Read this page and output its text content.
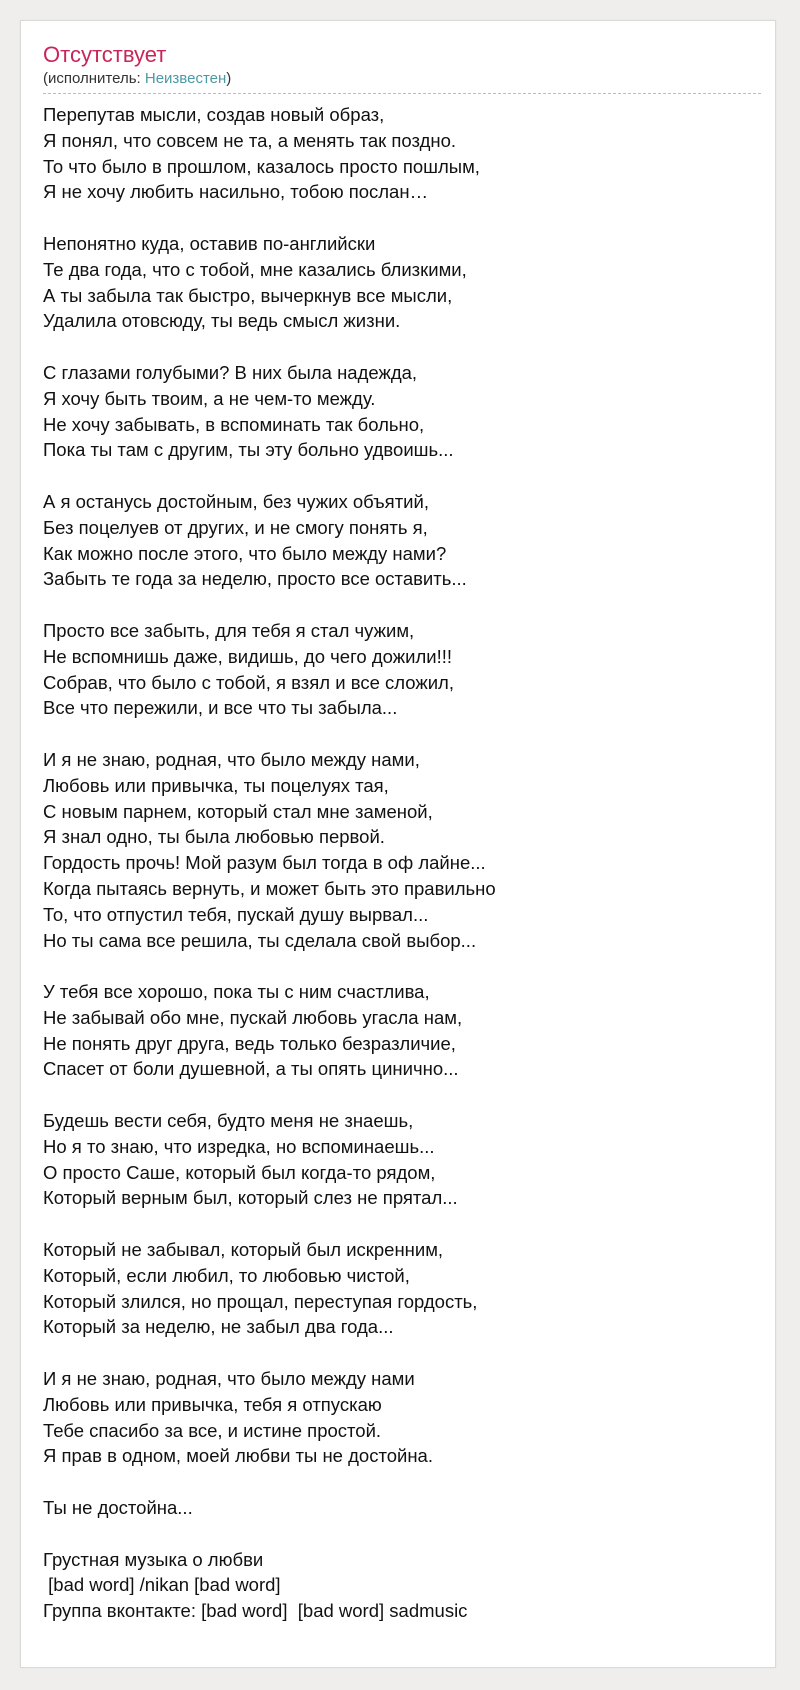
Отсутствует
(исполнитель: Неизвестен)
Перепутав мысли, создав новый образ,
Я понял, что совсем не та, а менять так поздно.
То что было в прошлом, казалось просто пошлым,
Я не хочу любить насильно, тобою послан…
Непонятно куда, оставив по-английски
Те два года, что с тобой, мне казались близкими,
А ты забыла так быстро, вычеркнув все мысли,
Удалила отовсюду, ты ведь смысл жизни.
С глазами голубыми? В них была надежда,
Я хочу быть твоим, а не чем-то между.
Не хочу забывать, в вспоминать так больно,
Пока ты там с другим, ты эту больно удвоишь...
А я останусь достойным, без чужих объятий,
Без поцелуев от других, и не смогу понять я,
Как можно после этого, что было между нами?
Забыть те года за неделю, просто все оставить...
Просто все забыть, для тебя я стал чужим,
Не вспомнишь даже, видишь, до чего дожили!!!
Собрав, что было с тобой, я взял и все сложил,
Все что пережили, и все что ты забыла...
И я не знаю, родная, что было между нами,
Любовь или привычка, ты поцелуях тая,
С новым парнем, который стал мне заменой,
Я знал одно, ты была любовью первой.
Гордость прочь! Мой разум был тогда в оф лайне...
Когда пытаясь вернуть, и может быть это правильно
То, что отпустил тебя, пускай душу вырвал...
Но ты сама все решила, ты сделала свой выбор...
У тебя все хорошо, пока ты с ним счастлива,
Не забывай обо мне, пускай любовь угасла нам,
Не понять друг друга, ведь только безразличие,
Спасет от боли душевной, а ты опять цинично...
Будешь вести себя, будто меня не знаешь,
Но я то знаю, что изредка, но вспоминаешь...
О просто Саше, который был когда-то рядом,
Который верным был, который слез не прятал...
Который не забывал, который был искренним,
Который, если любил, то любовью чистой,
Который злился, но прощал, переступая гордость,
Который за неделю, не забыл два года...
И я не знаю, родная, что было между нами
Любовь или привычка, тебя я отпускаю
Тебе спасибо за все, и истине простой.
Я прав в одном, моей любви ты не достойна.
Ты не достойна...
Грустная музыка о любви
[bad word] /nikan [bad word]
Группа вконтакте: [bad word]  [bad word] sadmusic
